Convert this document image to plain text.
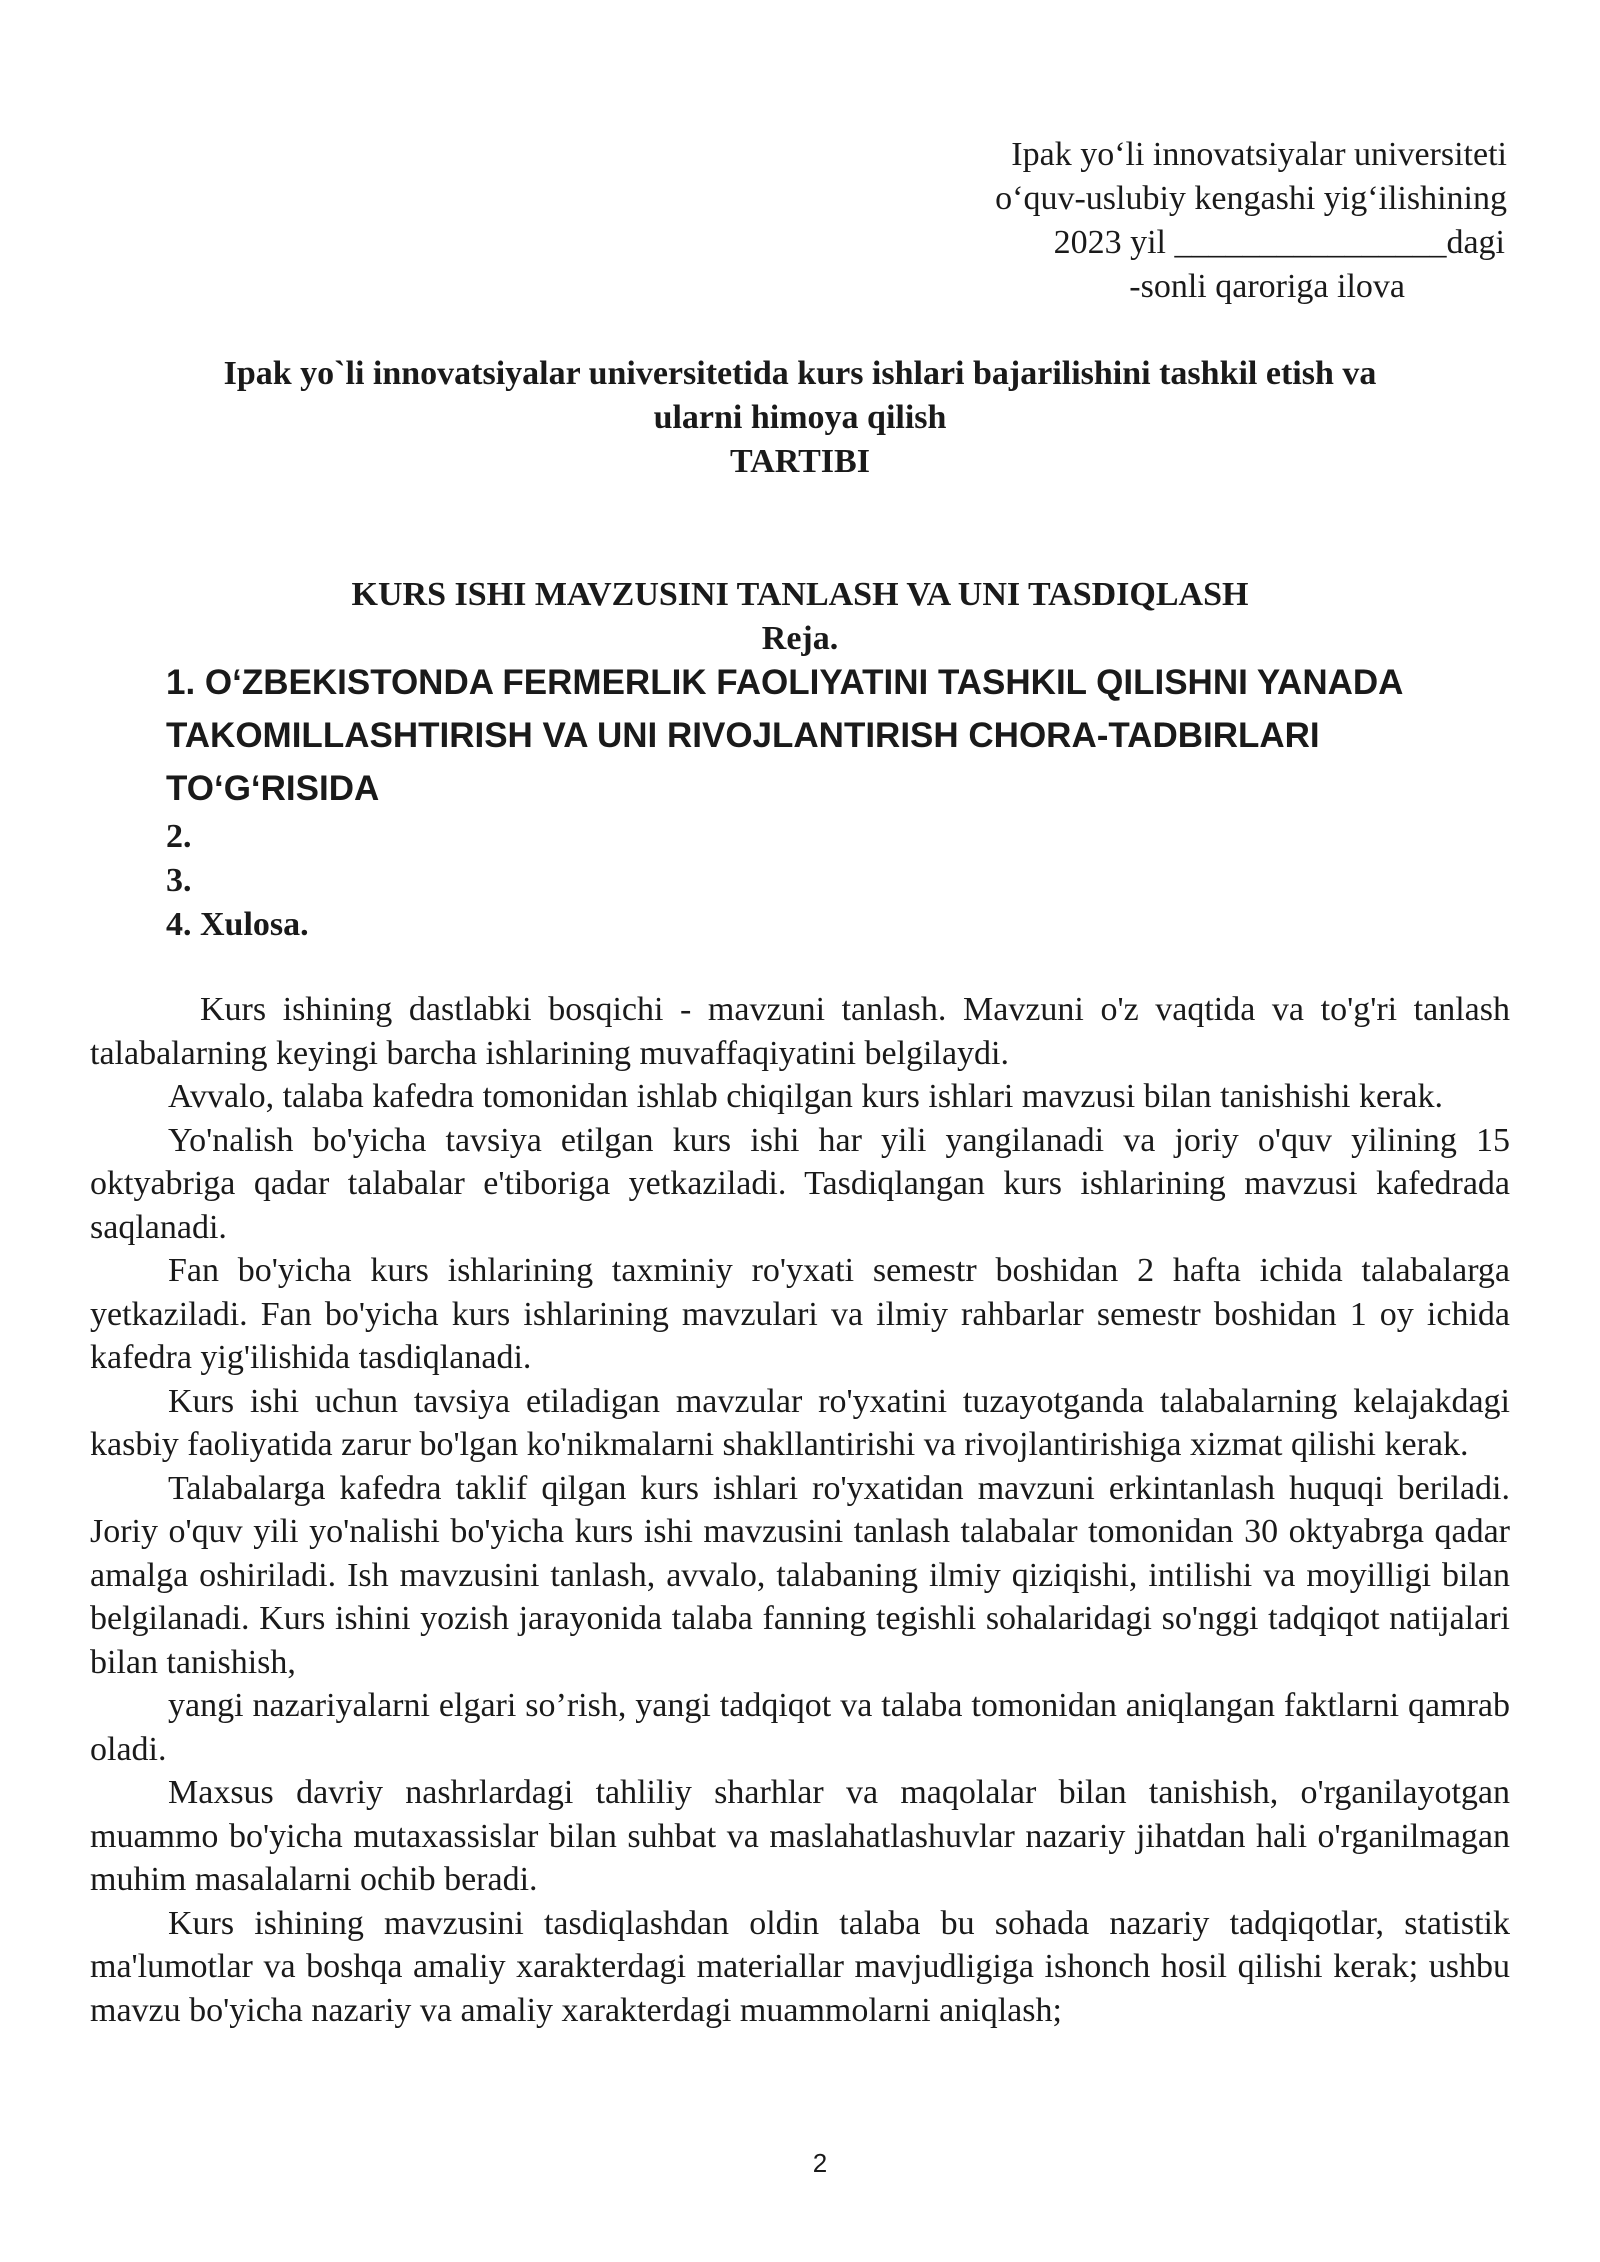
Ipak yo‘li innovatsiyalar universiteti
o‘quv-uslubiy kengashi yig‘ilishining
2023 yil ________________dagi
-sonli qaroriga ilova
Ipak yo`li innovatsiyalar universitetida kurs ishlari bajarilishini tashkil etish va
ularni himoya qilish
TARTIBI
KURS ISHI MAVZUSINI TANLASH VA UNI TASDIQLASH
Reja.
1. O‘ZBEKISTONDA FERMERLIK FAOLIYATINI TASHKIL QILISHNI YANADA TAKOMILLASHTIRISH VA UNI RIVOJLANTIRISH CHORA-TADBIRLARI TO‘G‘RISIDA
2.
3.
4. Xulosa.

Kurs ishining dastlabki bosqichi - mavzuni tanlash. Mavzuni o'z vaqtida va to'g'ri tanlash talabalarning keyingi barcha ishlarining muvaffaqiyatini belgilaydi.

Avvalo, talaba kafedra tomonidan ishlab chiqilgan kurs ishlari mavzusi bilan tanishishi kerak.

Yo'nalish bo'yicha tavsiya etilgan kurs ishi har yili yangilanadi va joriy o'quv yilining 15 oktyabriga qadar talabalar e'tiboriga yetkaziladi. Tasdiqlangan kurs ishlarining mavzusi kafedrada saqlanadi.

Fan bo'yicha kurs ishlarining taxminiy ro'yxati semestr boshidan 2 hafta ichida talabalarga yetkaziladi. Fan bo'yicha kurs ishlarining mavzulari va ilmiy rahbarlar semestr boshidan 1 oy ichida kafedra yig'ilishida tasdiqlanadi.

Kurs ishi uchun tavsiya etiladigan mavzular ro'yxatini tuzayotganda talabalarning kelajakdagi kasbiy faoliyatida zarur bo'lgan ko'nikmalarni shakllantirishi va rivojlantirishiga xizmat qilishi kerak.

Talabalarga kafedra taklif qilgan kurs ishlari ro'yxatidan mavzuni erkintanlash huquqi beriladi. Joriy o'quv yili yo'nalishi bo'yicha kurs ishi mavzusini tanlash talabalar tomonidan 30 oktyabrga qadar amalga oshiriladi. Ish mavzusini tanlash, avvalo, talabaning ilmiy qiziqishi, intilishi va moyilligi bilan belgilanadi. Kurs ishini yozish jarayonida talaba fanning tegishli sohalaridagi so'nggi tadqiqot natijalari bilan tanishish,

yangi nazariyalarni elgari so’rish, yangi tadqiqot va talaba tomonidan aniqlangan faktlarni qamrab oladi.

Maxsus davriy nashrlardagi tahliliy sharhlar va maqolalar bilan tanishish, o'rganilayotgan muammo bo'yicha mutaxassislar bilan suhbat va maslahatlashuvlar nazariy jihatdan hali o'rganilmagan muhim masalalarni ochib beradi.

Kurs ishining mavzusini tasdiqlashdan oldin talaba bu sohada nazariy tadqiqotlar, statistik ma'lumotlar va boshqa amaliy xarakterdagi materiallar mavjudligiga ishonch hosil qilishi kerak; ushbu mavzu bo'yicha nazariy va amaliy xarakterdagi muammolarni aniqlash;

2
